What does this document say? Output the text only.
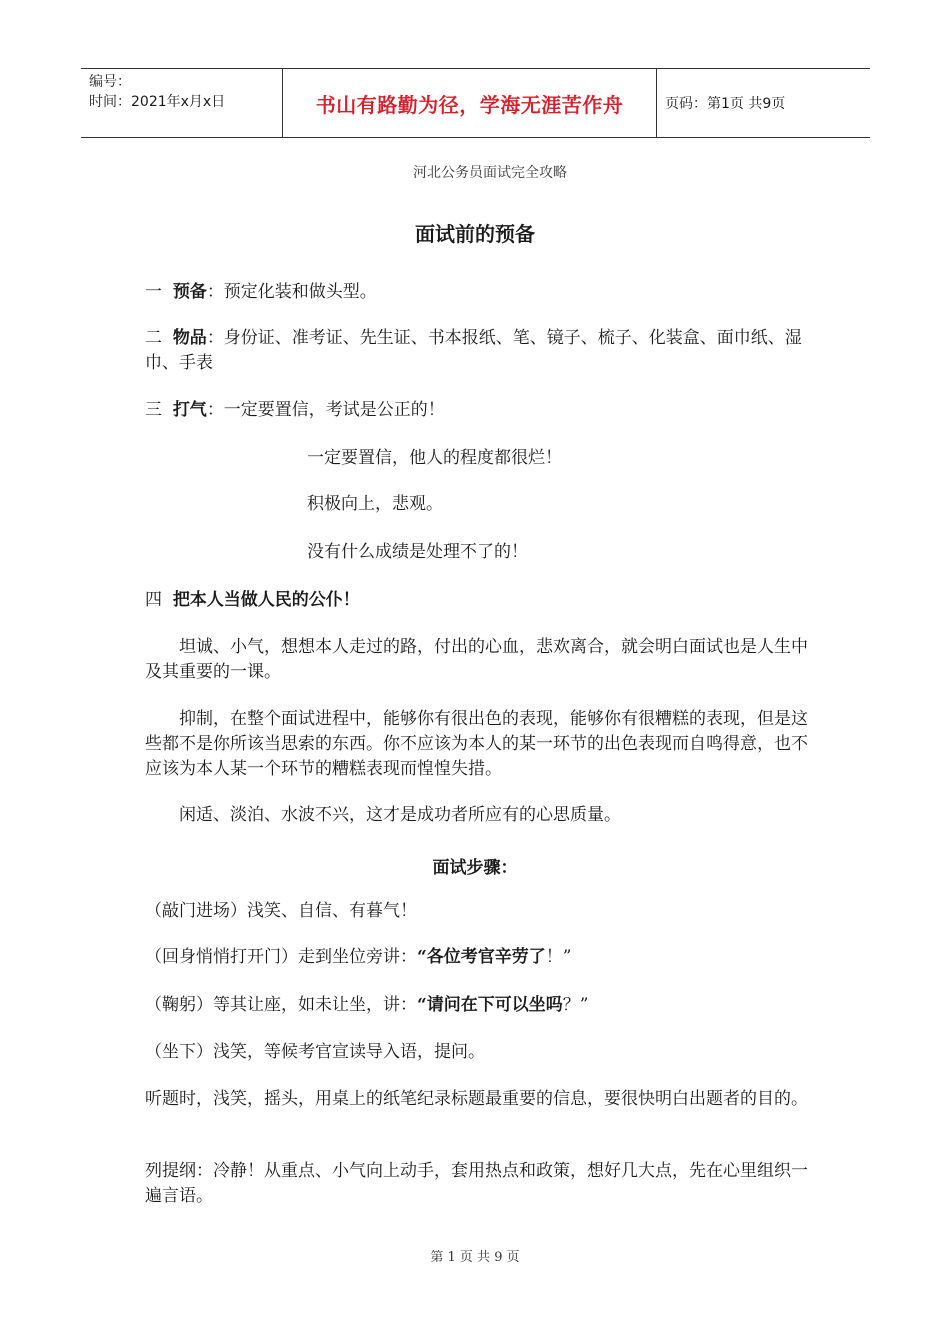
编号：
时间：2021年x月x日	书山有路勤为径，学海无涯苦作舟	页码：第1页 共9页
河北公务员面试完全攻略
面试前的预备
一 预备：预定化装和做头型。
二 物品：身份证、准考证、先生证、书本报纸、笔、镜子、梳子、化装盒、面巾纸、湿巾、手表
三 打气：一定要置信，考试是公正的！
一定要置信，他人的程度都很烂！
积极向上，悲观。
没有什么成绩是处理不了的！
四 把本人当做人民的公仆！
坦诚、小气，想想本人走过的路，付出的心血，悲欢离合，就会明白面试也是人生中及其重要的一课。
抑制，在整个面试进程中，能够你有很出色的表现，能够你有很糟糕的表现，但是这些都不是你所该当思索的东西。你不应该为本人的某一环节的出色表现而自鸣得意，也不应该为本人某一个环节的糟糕表现而惶惶失措。
闲适、淡泊、水波不兴，这才是成功者所应有的心思质量。
面试步骤：
（敲门进场）浅笑、自信、有暮气！
（回身悄悄打开门）走到坐位旁讲：“各位考官辛劳了！”
（鞠躬）等其让座，如未让坐，讲：“请问在下可以坐吗？”
（坐下）浅笑，等候考官宣读导入语，提问。
听题时，浅笑，摇头，用桌上的纸笔纪录标题最重要的信息，要很快明白出题者的目的。
列提纲：冷静！从重点、小气向上动手，套用热点和政策，想好几大点，先在心里组织一遍言语。
第 1 页 共 9 页
